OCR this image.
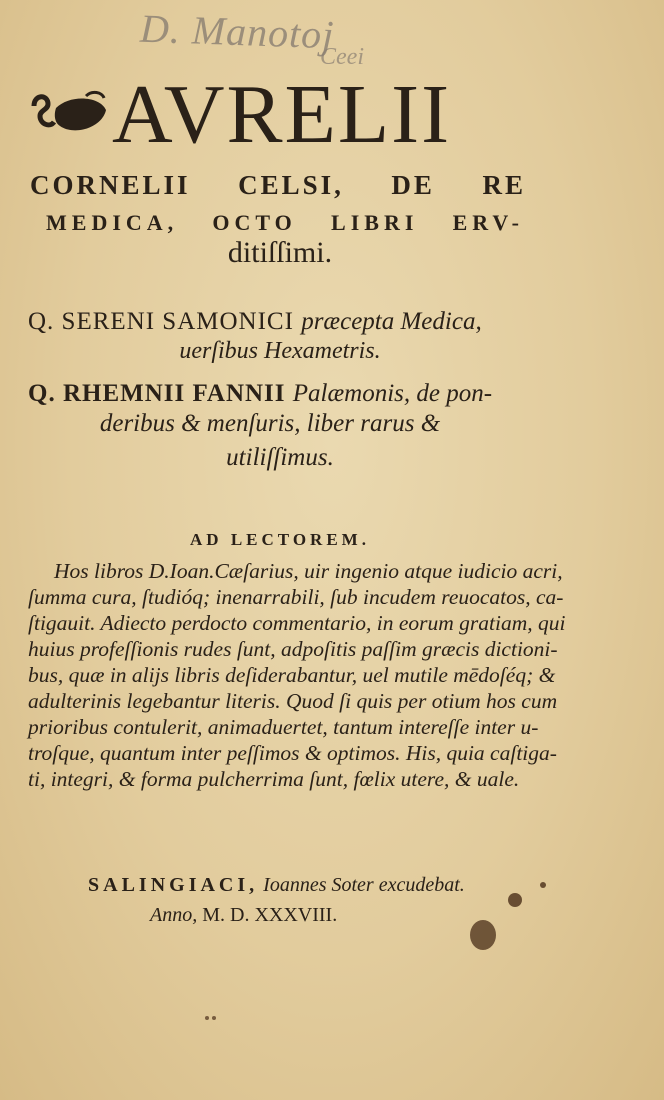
D. Manotoj
Ceei
AVRELII
CORNELII CELSI, DE RE
MEDICA, OCTO LIBRI ERV-
ditiſſimi.
Q. SERENI SAMONICI præcepta Medica,
uerſibus Hexametris.
Q. RHEMNII FANNII Palæmonis, de pon-
deribus & menſuris, liber rarus &
utiliſſimus.
AD LECTOREM.
Hos libros D.Ioan.Cæſarius, uir ingenio atque iudicio acri,
ſumma cura, ſtudióq; inenarrabili, ſub incudem reuocatos, ca-
ſtigauit. Adiecto perdocto commentario, in eorum gratiam, qui
huius profeſſionis rudes ſunt, adpoſitis paſſim græcis dictioni-
bus, quæ in alijs libris deſiderabantur, uel mutile mēdoſéq; &
adulterinis legebantur literis. Quod ſi quis per otium hos cum
prioribus contulerit, animaduertet, tantum intereſſe inter u-
troſque, quantum inter peſſimos & optimos. His, quia caſtiga-
ti, integri, & forma pulcherrima ſunt, fœlix utere, & uale.
SALINGIACI, Ioannes Soter excudebat.
Anno, M. D. XXXVIII.
